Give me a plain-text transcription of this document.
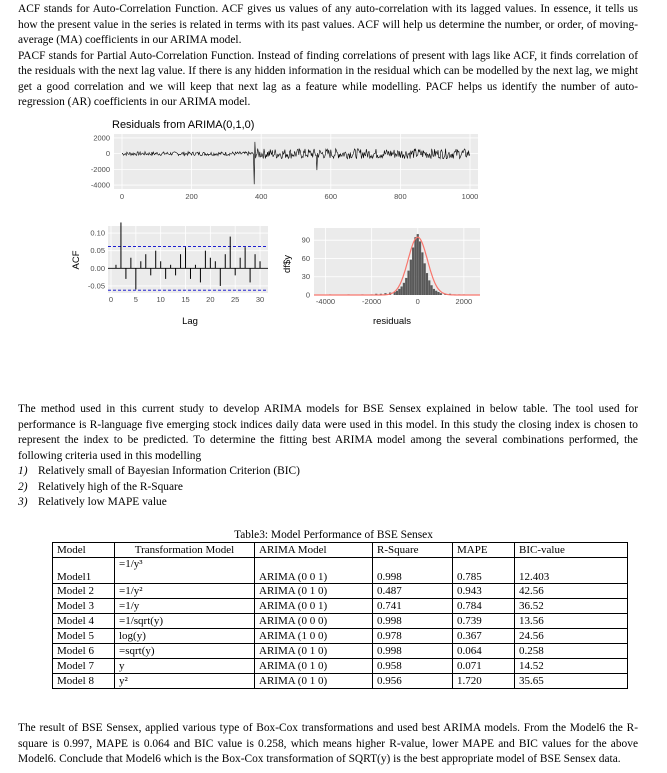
ACF stands for Auto-Correlation Function. ACF gives us values of any auto-correlation with its lagged values. In essence, it tells us how the present value in the series is related in terms with its past values. ACF will help us determine the number, or order, of moving-average (MA) coefficients in our ARIMA model.
PACF stands for Partial Auto-Correlation Function. Instead of finding correlations of present with lags like ACF, it finds correlation of the residuals with the next lag value. If there is any hidden information in the residual which can be modelled by the next lag, we might get a good correlation and we will keep that next lag as a feature while modelling. PACF helps us identify the number of auto-regression (AR) coefficients in our ARIMA model.

Residuals from ARIMA(0,1,0)
2000
0
-2000
-4000
0	200	400	600	800	1000
0.10
0.05
0.00
-0.05
0	5 10 15 20 25 30
Lag
ACF
90
60
30
0
-4000	-2000	0	2000
residuals
df$y

The method used in this current study to develop ARIMA models for BSE Sensex explained in below table. The tool used for performance is R-language five emerging stock indices daily data were used in this model. In this study the closing index is chosen to represent the index to be predicted. To determine the fitting best ARIMA model among the several combinations performed, the following criteria used in this modelling

1) Relatively small of Bayesian Information Criterion (BIC)
2) Relatively high of the R-Square
3) Relatively low MAPE value
Table3: Model Performance of BSE Sensex
Model	Transformation Model	ARIMA Model	R-Square	MAPE	BIC-value
Model1	=1/y³	ARIMA (0 0 1)	0.998	0.785	12.403
Model 2	=1/y²	ARIMA (0 1 0)	0.487	0.943	42.56
Model 3	=1/y	ARIMA (0 0 1)	0.741	0.784	36.52
Model 4	=1/sqrt(y)	ARIMA (0 0 0)	0.998	0.739	13.56
Model 5	log(y)	ARIMA (1 0 0)	0.978	0.367	24.56
Model 6	=sqrt(y)	ARIMA (0 1 0)	0.998	0.064	0.258
Model 7	y	ARIMA (0 1 0)	0.958	0.071	14.52
Model 8	y²	ARIMA (0 1 0)	0.956	1.720	35.65

The result of BSE Sensex, applied various type of Box-Cox transformations and used best ARIMA models. From the Model6 the R-square is 0.997, MAPE is 0.064 and BIC value is 0.258, which means higher R-value, lower MAPE and BIC values for the above Model6. Conclude that Model6 which is the Box-Cox transformation of SQRT(y) is the best appropriate model of BSE Sensex data.
